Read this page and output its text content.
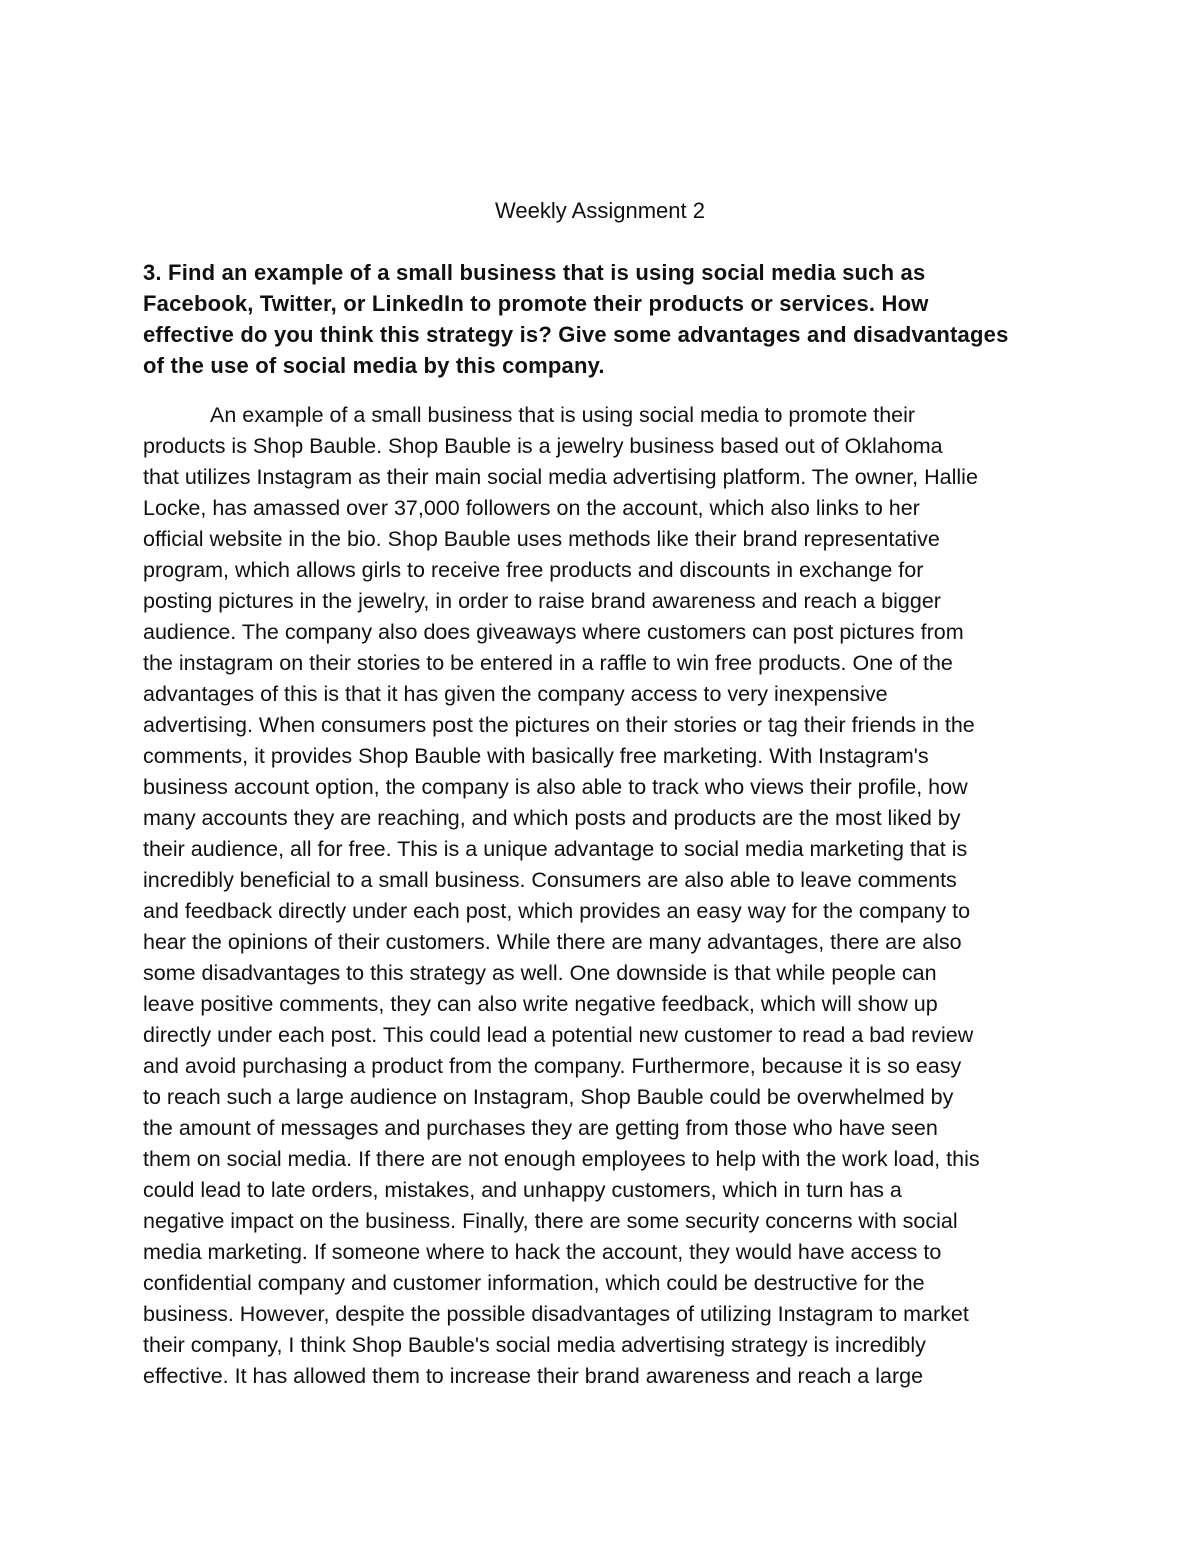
Weekly Assignment 2
3. Find an example of a small business that is using social media such as
Facebook, Twitter, or LinkedIn to promote their products or services. How
effective do you think this strategy is? Give some advantages and disadvantages
of the use of social media by this company.
An example of a small business that is using social media to promote their
products is Shop Bauble. Shop Bauble is a jewelry business based out of Oklahoma
that utilizes Instagram as their main social media advertising platform. The owner, Hallie
Locke, has amassed over 37,000 followers on the account, which also links to her
official website in the bio. Shop Bauble uses methods like their brand representative
program, which allows girls to receive free products and discounts in exchange for
posting pictures in the jewelry, in order to raise brand awareness and reach a bigger
audience. The company also does giveaways where customers can post pictures from
the instagram on their stories to be entered in a raffle to win free products. One of the
advantages of this is that it has given the company access to very inexpensive
advertising. When consumers post the pictures on their stories or tag their friends in the
comments, it provides Shop Bauble with basically free marketing. With Instagram's
business account option, the company is also able to track who views their profile, how
many accounts they are reaching, and which posts and products are the most liked by
their audience, all for free. This is a unique advantage to social media marketing that is
incredibly beneficial to a small business. Consumers are also able to leave comments
and feedback directly under each post, which provides an easy way for the company to
hear the opinions of their customers. While there are many advantages, there are also
some disadvantages to this strategy as well. One downside is that while people can
leave positive comments, they can also write negative feedback, which will show up
directly under each post. This could lead a potential new customer to read a bad review
and avoid purchasing a product from the company. Furthermore, because it is so easy
to reach such a large audience on Instagram, Shop Bauble could be overwhelmed by
the amount of messages and purchases they are getting from those who have seen
them on social media. If there are not enough employees to help with the work load, this
could lead to late orders, mistakes, and unhappy customers, which in turn has a
negative impact on the business. Finally, there are some security concerns with social
media marketing. If someone where to hack the account, they would have access to
confidential company and customer information, which could be destructive for the
business. However, despite the possible disadvantages of utilizing Instagram to market
their company, I think Shop Bauble's social media advertising strategy is incredibly
effective. It has allowed them to increase their brand awareness and reach a large
